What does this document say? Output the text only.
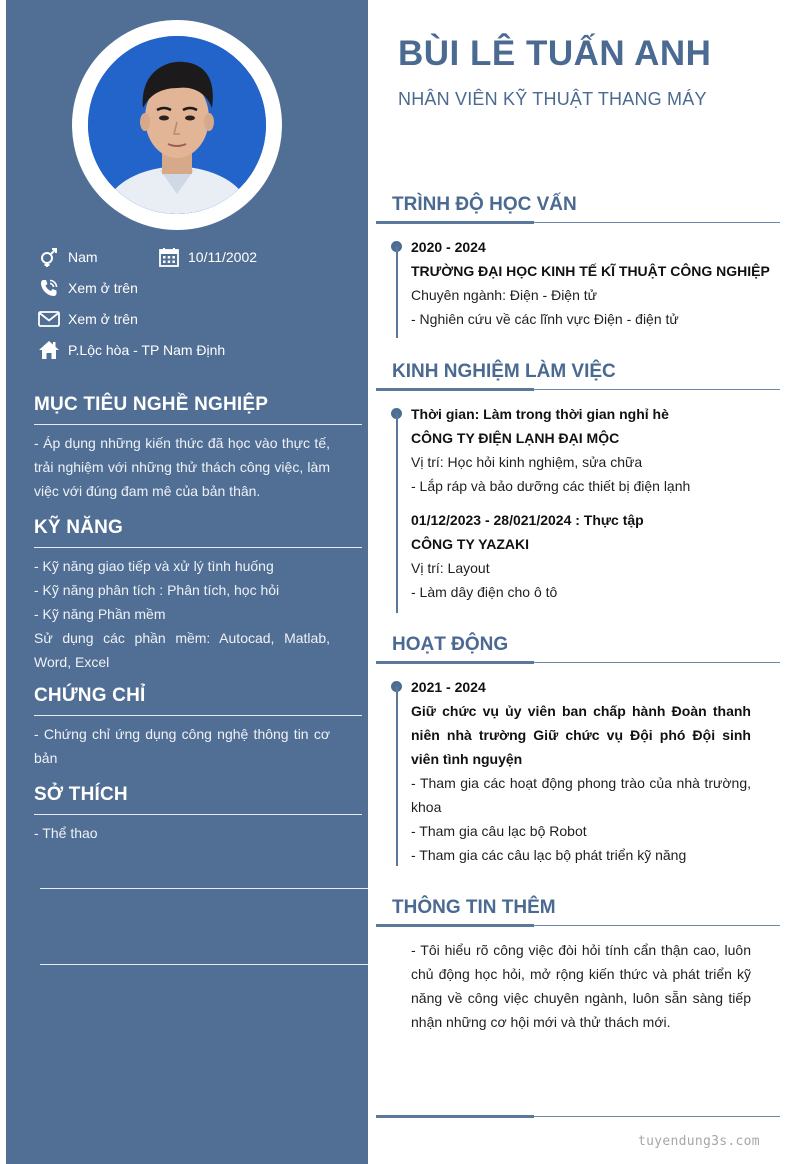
Nam	10/11/2002
Xem ở trên
Xem ở trên
P.Lộc hòa - TP Nam Định
MỤC TIÊU NGHỀ NGHIỆP
- Áp dụng những kiến thức đã học vào thực tế, trải nghiệm với những thử thách công việc, làm việc với đúng đam mê của bản thân.
KỸ NĂNG
- Kỹ năng giao tiếp và xử lý tình huống
- Kỹ năng phân tích : Phân tích, học hỏi
- Kỹ năng Phần mềm
Sử dụng các phần mềm: Autocad, Matlab, Word, Excel
CHỨNG CHỈ
- Chứng chỉ ứng dụng công nghệ thông tin cơ bản
SỞ THÍCH
- Thể thao
BÙI LÊ TUẤN ANH
NHÂN VIÊN KỸ THUẬT THANG MÁY
TRÌNH ĐỘ HỌC VẤN
2020 - 2024
TRƯỜNG ĐẠI HỌC KINH TẾ KĨ THUẬT CÔNG NGHIỆP
Chuyên ngành: Điện - Điện tử
- Nghiên cứu về các lĩnh vực Điện - điện tử
KINH NGHIỆM LÀM VIỆC
Thời gian: Làm trong thời gian nghỉ hè
CÔNG TY ĐIỆN LẠNH ĐẠI MỘC
Vị trí: Học hỏi kinh nghiệm, sửa chữa
- Lắp ráp và bảo dưỡng các thiết bị điện lạnh
01/12/2023 - 28/021/2024 : Thực tập
CÔNG TY YAZAKI
Vị trí: Layout
- Làm dây điện cho ô tô
HOẠT ĐỘNG
2021 - 2024
Giữ chức vụ ủy viên ban chấp hành Đoàn thanh niên nhà trường Giữ chức vụ Đội phó Đội sinh viên tình nguyện
- Tham gia các hoạt động phong trào của nhà trường, khoa
- Tham gia câu lạc bộ Robot
- Tham gia các câu lạc bộ phát triển kỹ năng
THÔNG TIN THÊM
- Tôi hiểu rõ công việc đòi hỏi tính cẩn thận cao, luôn chủ động học hỏi, mở rộng kiến thức và phát triển kỹ năng về công việc chuyên ngành, luôn sẵn sàng tiếp nhận những cơ hội mới và thử thách mới.
tuyendung3s.com
